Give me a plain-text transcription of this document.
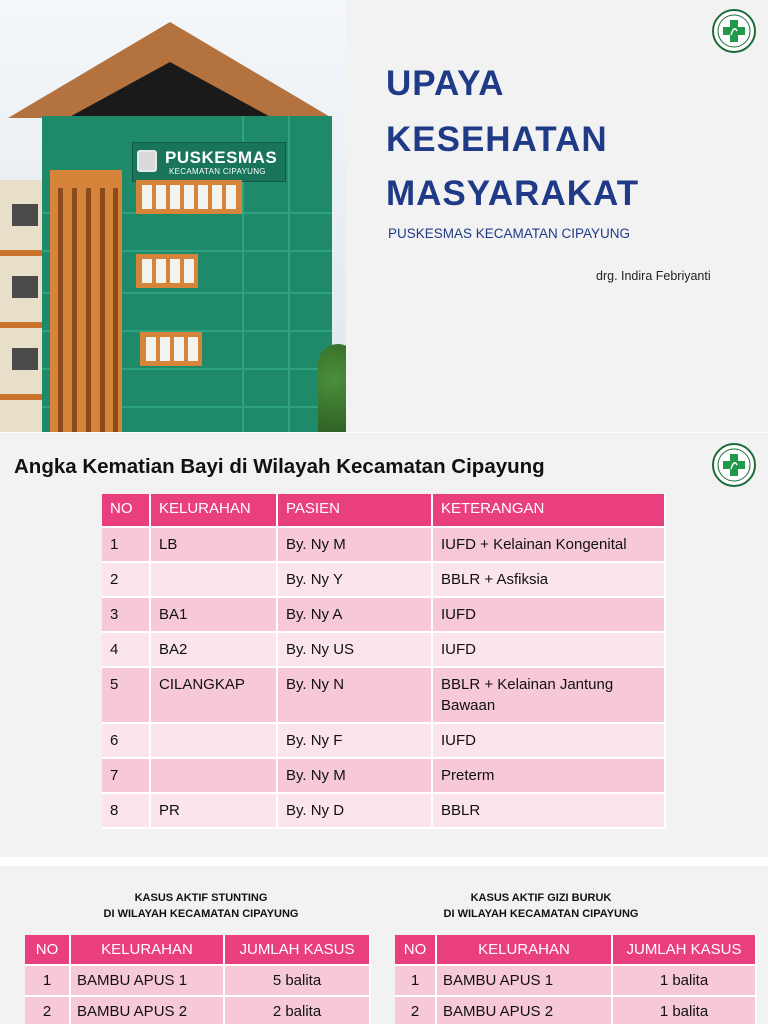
PUSKESMAS
KECAMATAN CIPAYUNG
UPAYA
KESEHATAN
MASYARAKAT
PUSKESMAS KECAMATAN CIPAYUNG
drg. Indira Febriyanti
Angka Kematian Bayi di Wilayah Kecamatan Cipayung
NO	KELURAHAN	PASIEN	KETERANGAN
1	LB	By. Ny M	IUFD + Kelainan Kongenital
2		By. Ny Y	BBLR + Asfiksia
3	BA1	By. Ny A	IUFD
4	BA2	By. Ny US	IUFD
5	CILANGKAP	By. Ny N	BBLR + Kelainan Jantung Bawaan
6		By. Ny F	IUFD
7		By. Ny M	Preterm
8	PR	By. Ny D	BBLR
KASUS AKTIF STUNTING
DI WILAYAH KECAMATAN CIPAYUNG
KASUS AKTIF GIZI BURUK
DI WILAYAH KECAMATAN CIPAYUNG
NO	KELURAHAN	JUMLAH KASUS
1	BAMBU APUS 1	5 balita
2	BAMBU APUS 2	2 balita
NO	KELURAHAN	JUMLAH KASUS
1	BAMBU APUS 1	1 balita
2	BAMBU APUS 2	1 balita
